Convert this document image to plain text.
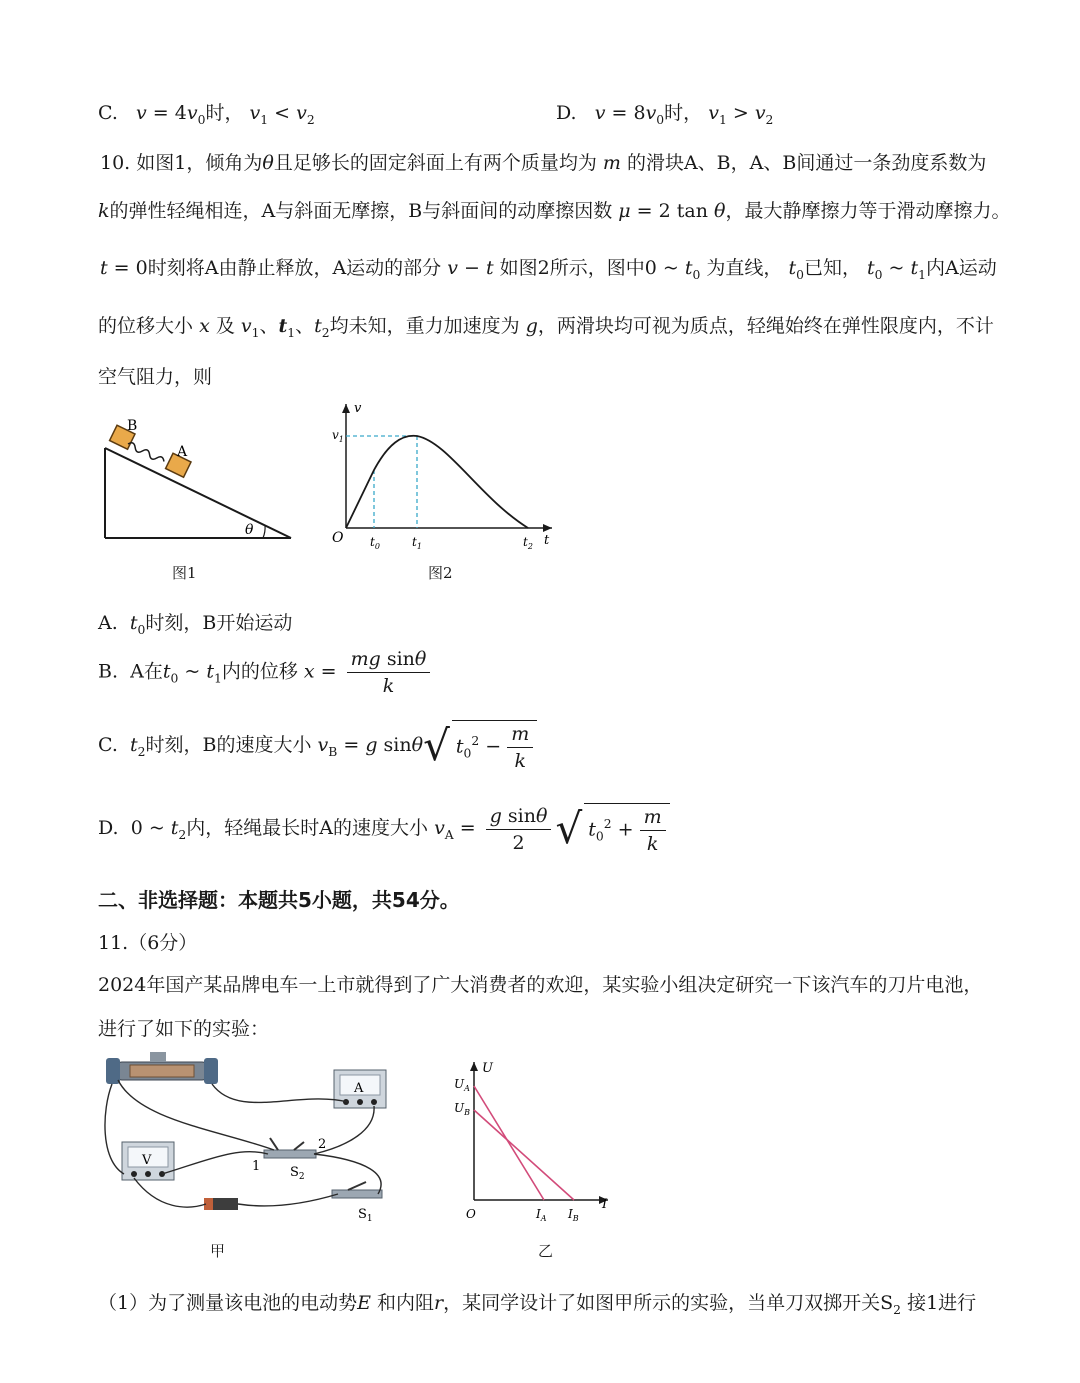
C. $v = 4v_0$时， $v_1 < v_2$	D. $v = 8v_0$时， $v_1 > v_2$
10. 如图1，倾角为θ且足够长的固定斜面上有两个质量均为 m 的滑块A、B，A、B间通过一条劲度系数为
k的弹性轻绳相连，A与斜面无摩擦，B与斜面间的动摩擦因数 μ = 2 tan θ，最大静摩擦力等于滑动摩擦力。
t = 0时刻将A由静止释放，A运动的部分 v − t 如图2所示，图中0 ~ $t_0$ 为直线， $t_0$已知， $t_0$ ~ $t_1$内A运动
的位移大小 x 及 $v_1$、$t_1$、$t_2$均未知，重力加速度为 g，两滑块均可视为质点，轻绳始终在弹性限度内，不计
空气阻力，则
B
A
θ
图1
v
t
O
$v_1$
$t_0$	$t_1$	$t_2$
图2
A. $t_0$时刻，B开始运动
B. A在$t_0$ ~ $t_1$内的位移 $x = \frac{\text{mg sinθ}}{k}$
C. $t_2$时刻，B的速度大小 $v_B = g$ sinθ√ $t_0^2 - \frac{m}{k}$
D.  0 ~ $t_2$内，轻绳最长时A的速度大小 $v_A = \frac{\text{g sinθ}}{2}$ √ $t_0^2 + \frac{m}{k}$
二、非选择题：本题共5小题，共54分。
11.（6分）
2024年国产某品牌电车一上市就得到了广大消费者的欢迎，某实验小组决定研究一下该汽车的刀片电池，
进行了如下的实验：
A
V	1
2
$S_2$
$S_1$
甲
U
I
O
$U_A$
$U_B$
$I_A$ $I_B$
乙
（1）为了测量该电池的电动势E 和内阻r，某同学设计了如图甲所示的实验，当单刀双掷开关$S_2$ 接1进行
